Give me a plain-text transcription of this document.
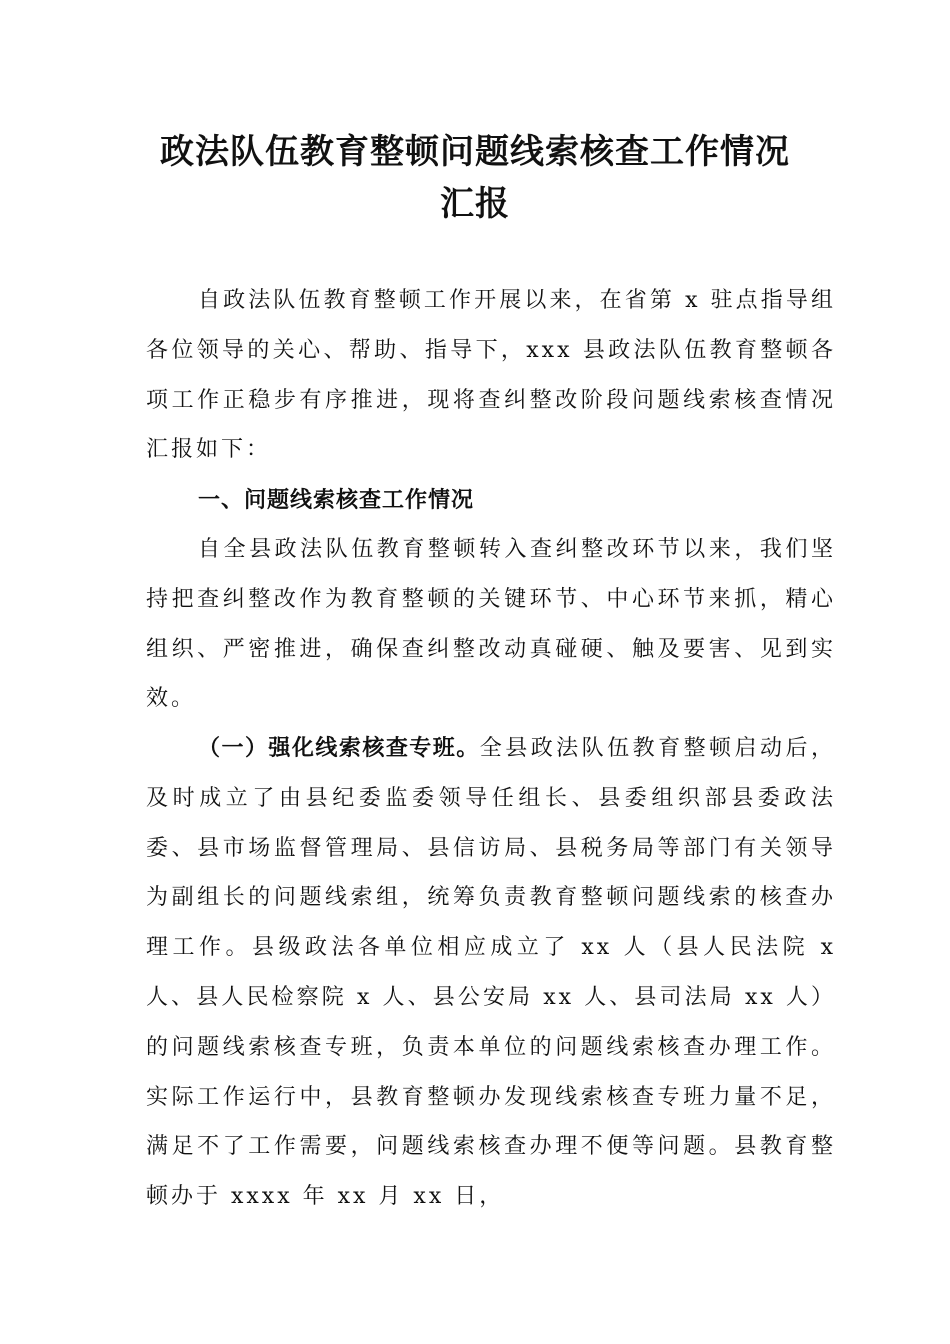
政法队伍教育整顿问题线索核查工作情况
汇报

自政法队伍教育整顿工作开展以来，在省第 x 驻点指导组各位领导的关心、帮助、指导下，xxx 县政法队伍教育整顿各项工作正稳步有序推进，现将查纠整改阶段问题线索核查情况汇报如下：

一、问题线索核查工作情况

自全县政法队伍教育整顿转入查纠整改环节以来，我们坚持把查纠整改作为教育整顿的关键环节、中心环节来抓，精心组织、严密推进，确保查纠整改动真碰硬、触及要害、见到实效。

（一）强化线索核查专班。全县政法队伍教育整顿启动后，及时成立了由县纪委监委领导任组长、县委组织部县委政法委、县市场监督管理局、县信访局、县税务局等部门有关领导为副组长的问题线索组，统筹负责教育整顿问题线索的核查办理工作。县级政法各单位相应成立了 xx 人（县人民法院 x 人、县人民检察院 x 人、县公安局 xx 人、县司法局 xx 人）的问题线索核查专班，负责本单位的问题线索核查办理工作。实际工作运行中，县教育整顿办发现线索核查专班力量不足，满足不了工作需要，问题线索核查办理不便等问题。县教育整顿办于 xxxx 年 xx 月 xx 日，
